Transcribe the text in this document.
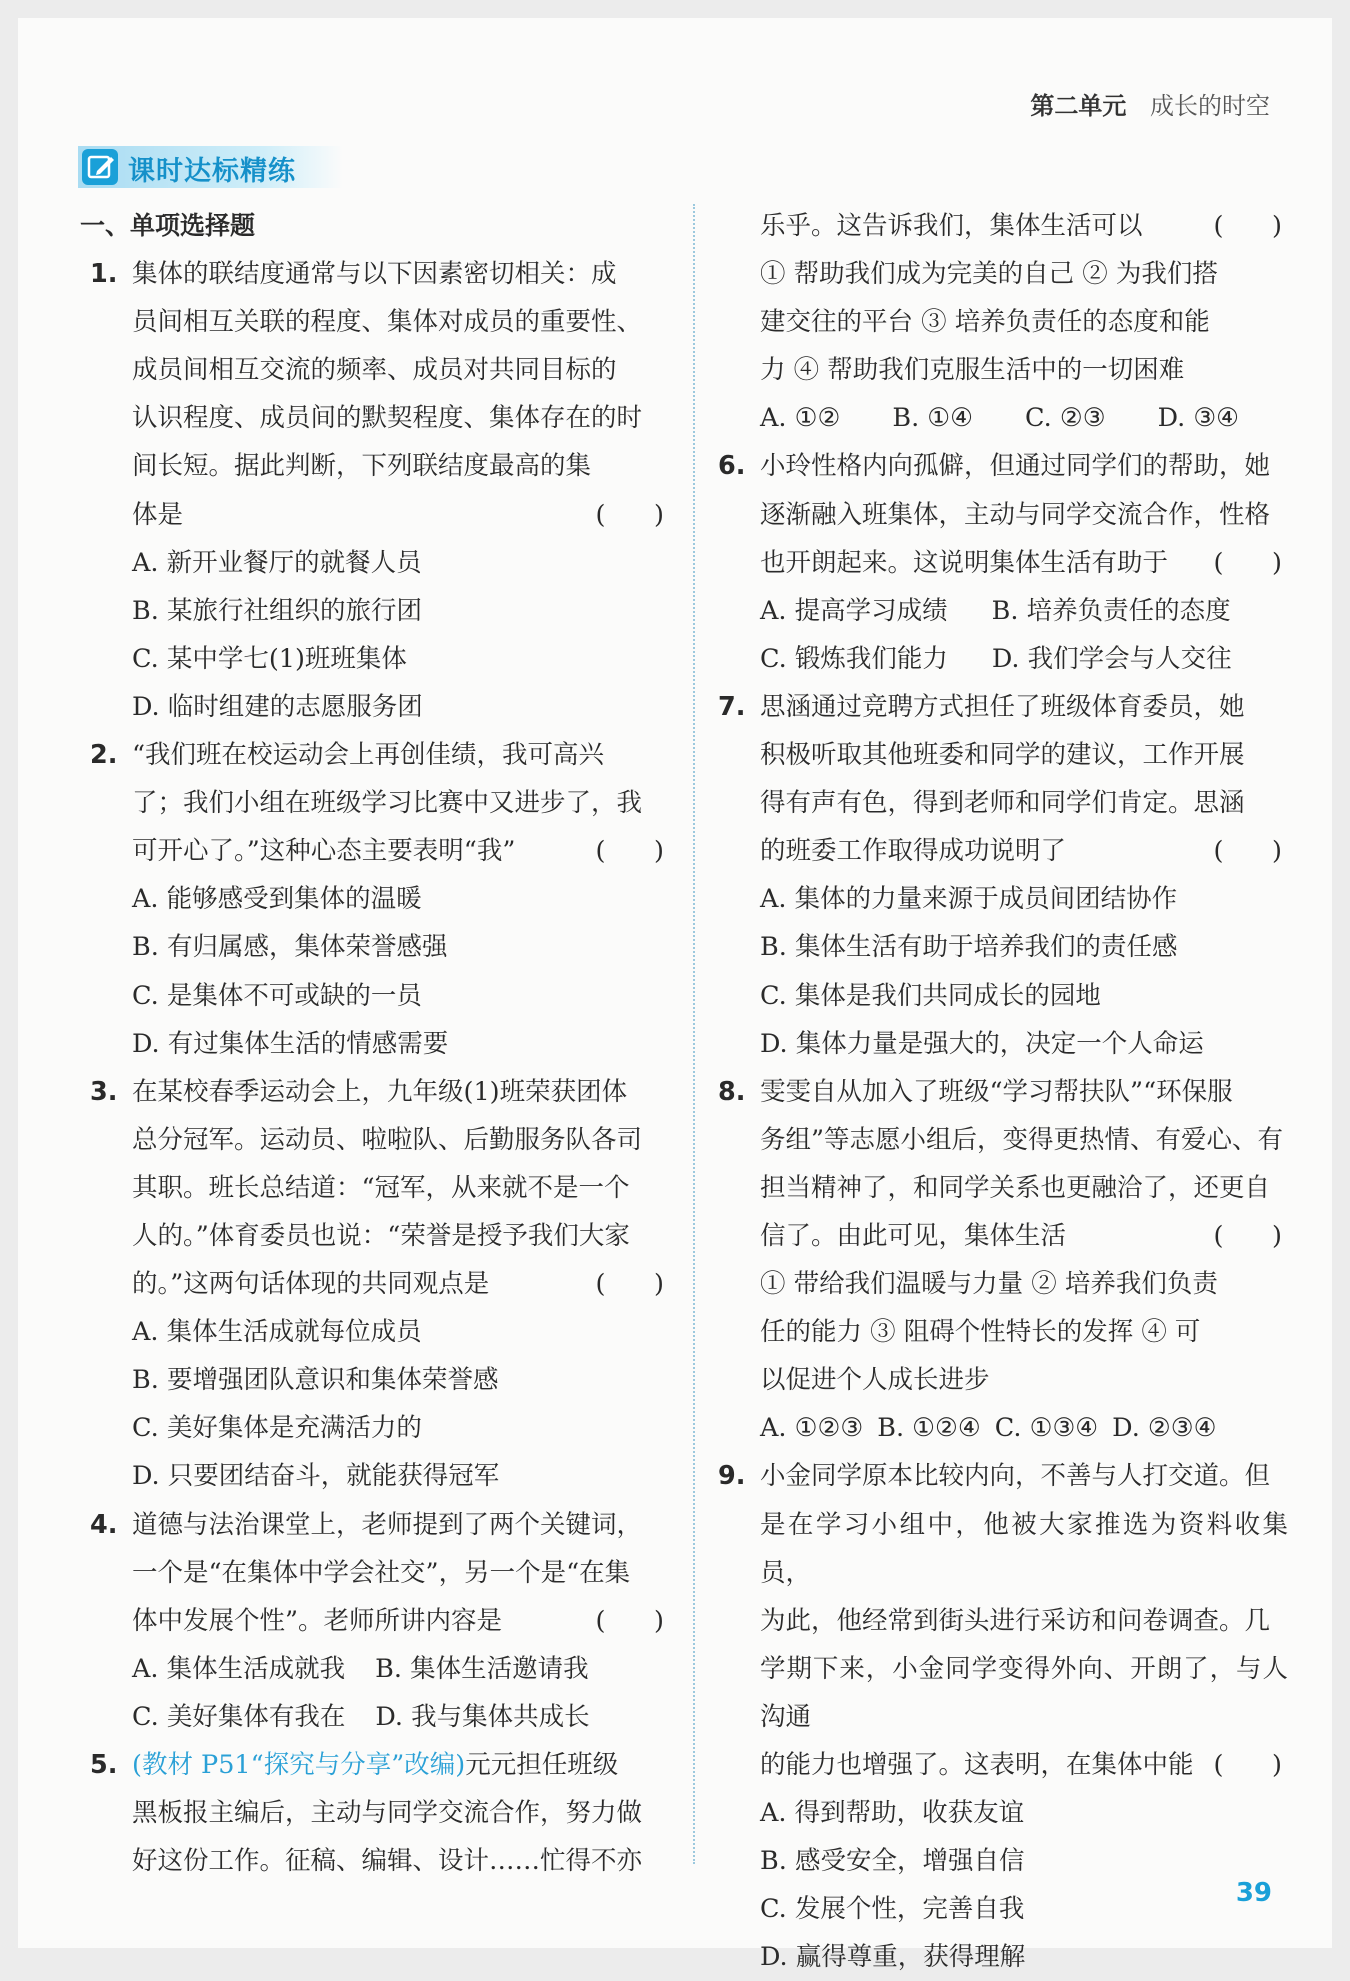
第二单元 成长的时空
课时达标精练
一、单项选择题
1. 集体的联结度通常与以下因素密切相关：成
员间相互关联的程度、集体对成员的重要性、
成员间相互交流的频率、成员对共同目标的
认识程度、成员间的默契程度、集体存在的时
间长短。据此判断，下列联结度最高的集
体是	(      )
A. 新开业餐厅的就餐人员
B. 某旅行社组织的旅行团
C. 某中学七(1)班班集体
D. 临时组建的志愿服务团
2. “我们班在校运动会上再创佳绩，我可高兴
了；我们小组在班级学习比赛中又进步了，我
可开心了。”这种心态主要表明“我”	(      )
A. 能够感受到集体的温暖
B. 有归属感，集体荣誉感强
C. 是集体不可或缺的一员
D. 有过集体生活的情感需要
3. 在某校春季运动会上，九年级(1)班荣获团体
总分冠军。运动员、啦啦队、后勤服务队各司
其职。班长总结道：“冠军，从来就不是一个
人的。”体育委员也说：“荣誉是授予我们大家
的。”这两句话体现的共同观点是	(      )
A. 集体生活成就每位成员
B. 要增强团队意识和集体荣誉感
C. 美好集体是充满活力的
D. 只要团结奋斗，就能获得冠军
4. 道德与法治课堂上，老师提到了两个关键词，
一个是“在集体中学会社交”，另一个是“在集
体中发展个性”。老师所讲内容是	(      )
A. 集体生活成就我 B. 集体生活邀请我
C. 美好集体有我在 D. 我与集体共成长
5. (教材 P51“探究与分享”改编)元元担任班级
黑板报主编后，主动与同学交流合作，努力做
好这份工作。征稿、编辑、设计……忙得不亦
乐乎。这告诉我们，集体生活可以	(      )
① 帮助我们成为完美的自己 ② 为我们搭
建交往的平台 ③ 培养负责任的态度和能
力 ④ 帮助我们克服生活中的一切困难
A. ①② B. ①④ C. ②③ D. ③④
6. 小玲性格内向孤僻，但通过同学们的帮助，她
逐渐融入班集体，主动与同学交流合作，性格
也开朗起来。这说明集体生活有助于 (      )
A. 提高学习成绩 B. 培养负责任的态度
C. 锻炼我们能力 D. 我们学会与人交往
7. 思涵通过竞聘方式担任了班级体育委员，她
积极听取其他班委和同学的建议，工作开展
得有声有色，得到老师和同学们肯定。思涵
的班委工作取得成功说明了	(      )
A. 集体的力量来源于成员间团结协作
B. 集体生活有助于培养我们的责任感
C. 集体是我们共同成长的园地
D. 集体力量是强大的，决定一个人命运
8. 雯雯自从加入了班级“学习帮扶队”“环保服
务组”等志愿小组后，变得更热情、有爱心、有
担当精神了，和同学关系也更融洽了，还更自
信了。由此可见，集体生活	(      )
① 带给我们温暖与力量 ② 培养我们负责
任的能力 ③ 阻碍个性特长的发挥 ④ 可
以促进个人成长进步
A. ①②③ B. ①②④ C. ①③④ D. ②③④
9. 小金同学原本比较内向，不善与人打交道。但
是在学习小组中，他被大家推选为资料收集员，
为此，他经常到街头进行采访和问卷调查。几
学期下来，小金同学变得外向、开朗了，与人沟通
的能力也增强了。这表明，在集体中能 (      )
A. 得到帮助，收获友谊
B. 感受安全，增强自信
C. 发展个性，完善自我
D. 赢得尊重，获得理解
39
